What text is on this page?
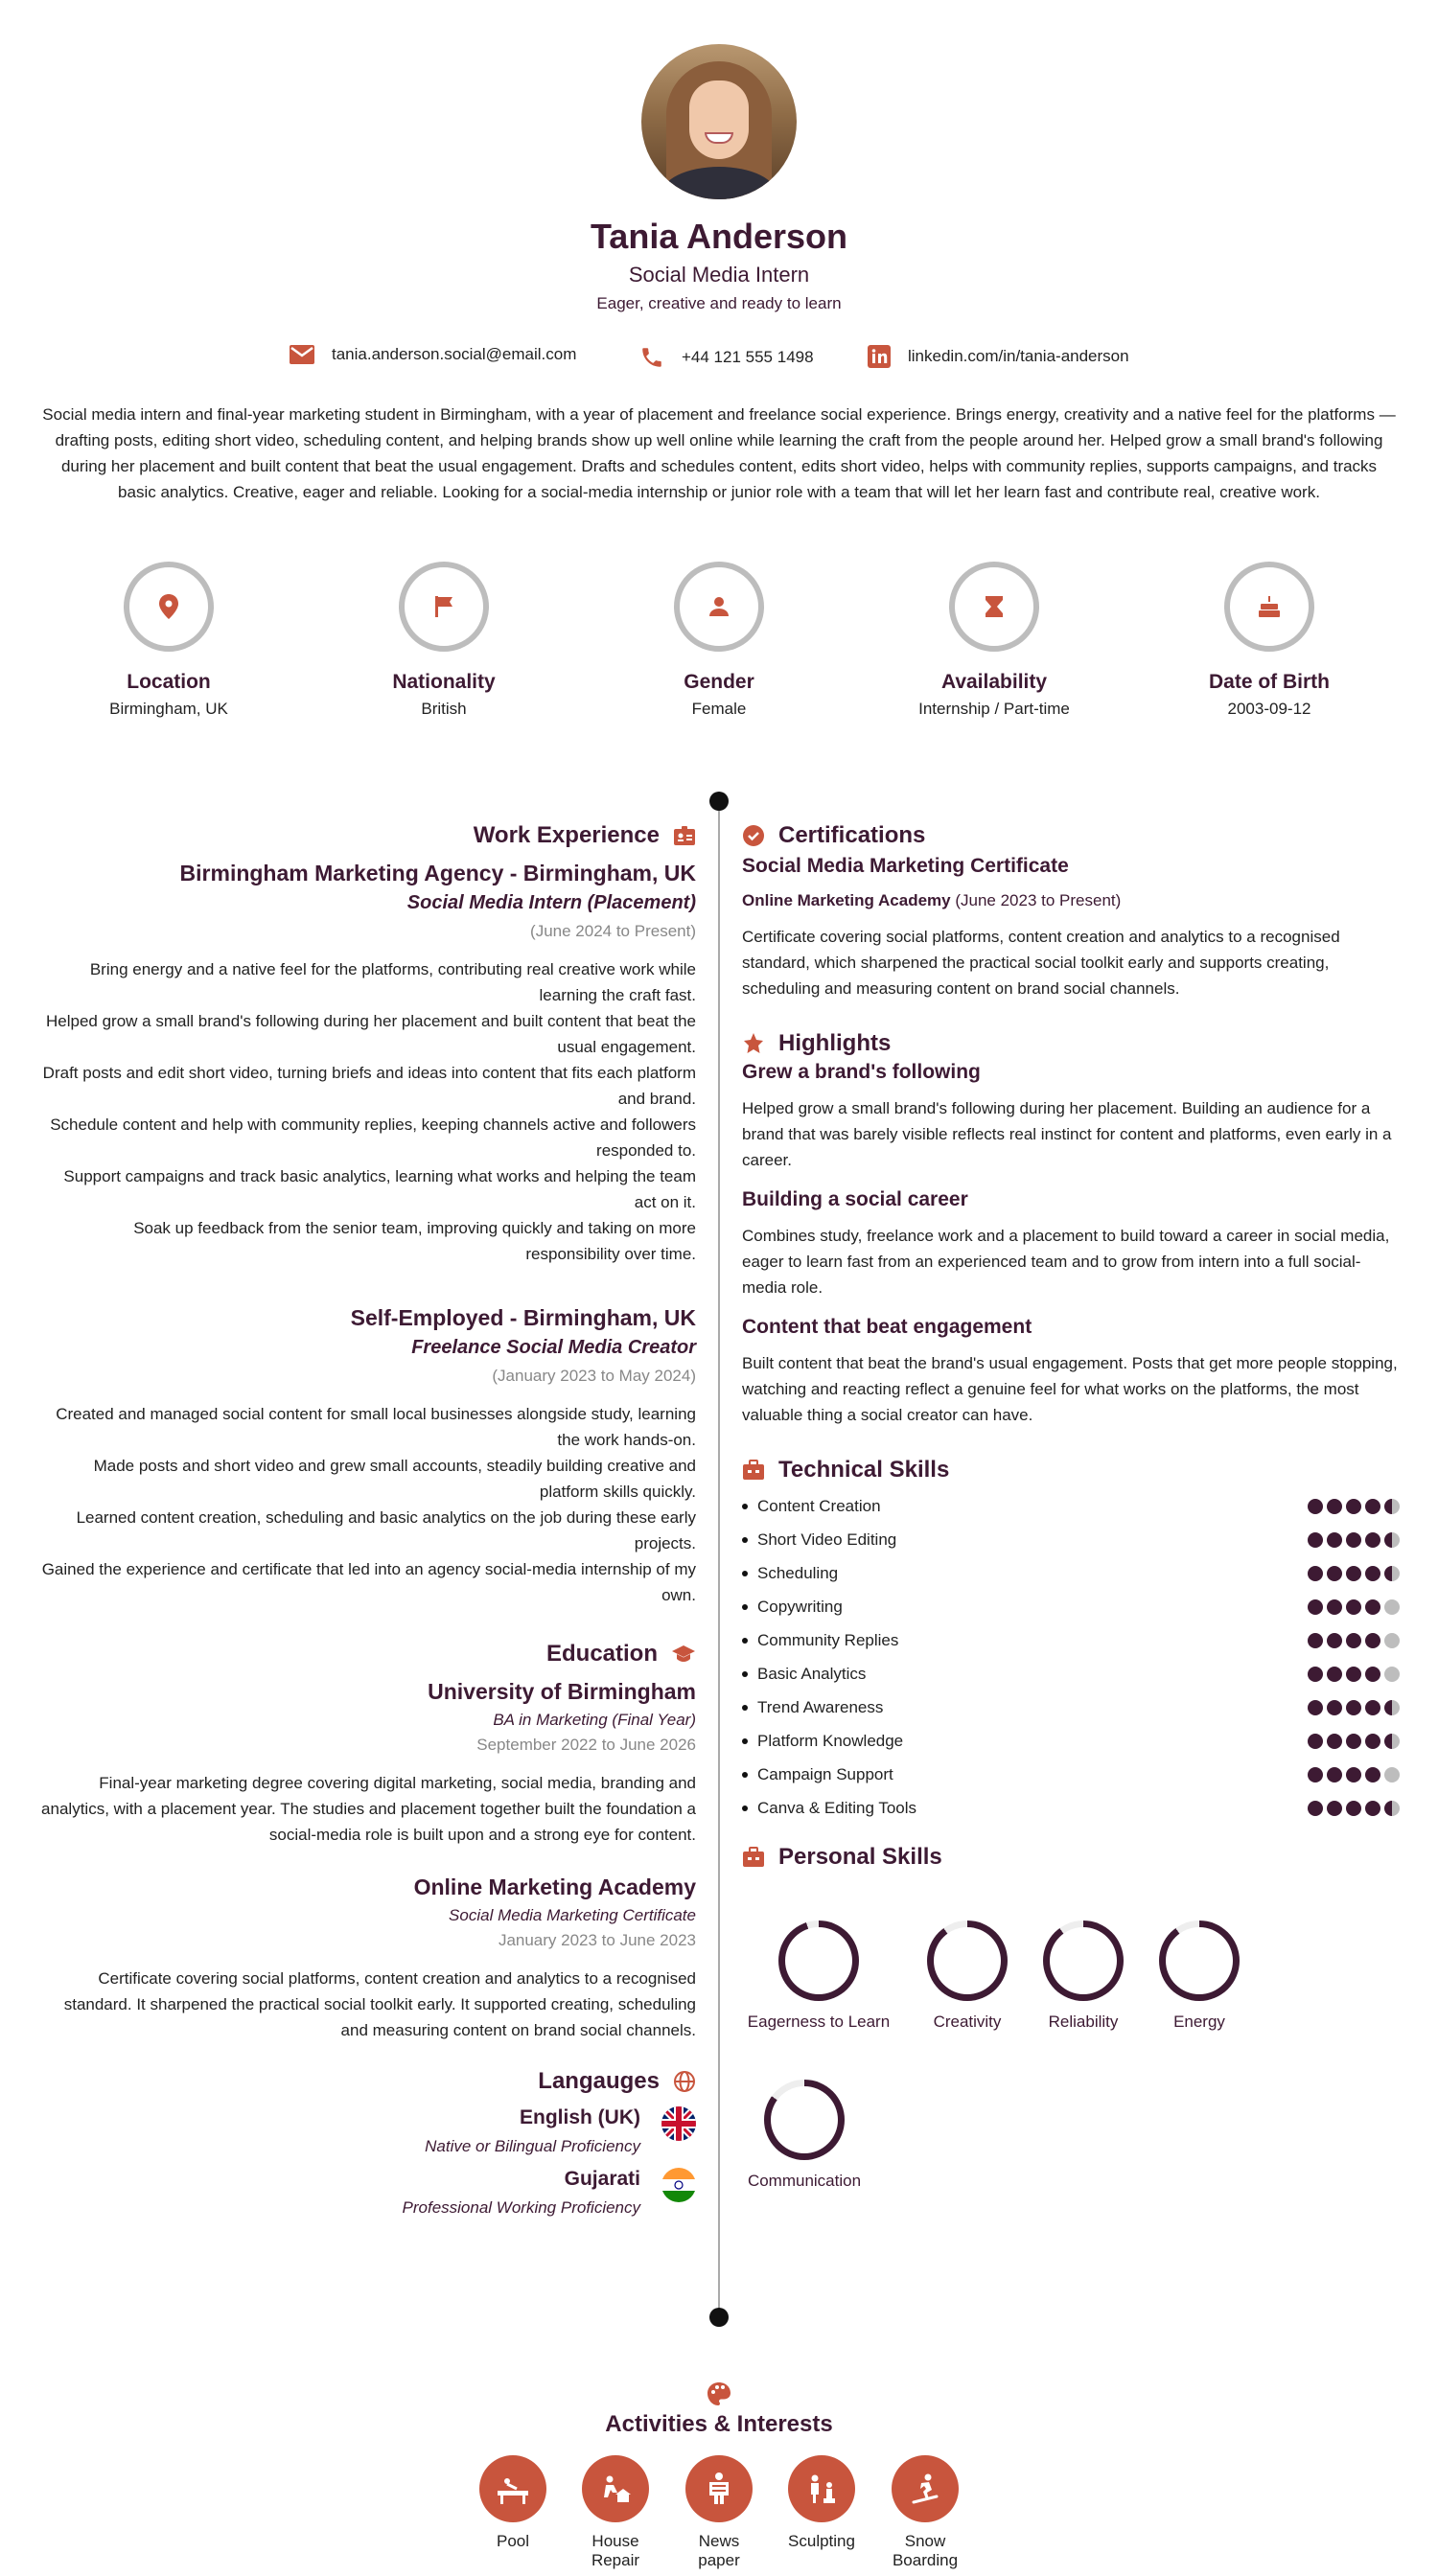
Tania Anderson
Social Media Intern
Eager, creative and ready to learn
tania.anderson.social@email.com	+44 121 555 1498	linkedin.com/in/tania-anderson
Social media intern and final-year marketing student in Birmingham, with a year of placement and freelance social experience. Brings energy, creativity and a native feel for the platforms — drafting posts, editing short video, scheduling content, and helping brands show up well online while learning the craft from the people around her. Helped grow a small brand's following during her placement and built content that beat the usual engagement. Drafts and schedules content, edits short video, helps with community replies, supports campaigns, and tracks basic analytics. Creative, eager and reliable. Looking for a social-media internship or junior role with a team that will let her learn fast and contribute real, creative work.
Location
Birmingham, UK
Nationality
British
Gender
Female
Availability
Internship / Part-time
Date of Birth
2003-09-12
Work Experience
Birmingham Marketing Agency - Birmingham, UK
Social Media Intern (Placement)
(June 2024 to Present)
Bring energy and a native feel for the platforms, contributing real creative work while learning the craft fast.
Helped grow a small brand's following during her placement and built content that beat the usual engagement.
Draft posts and edit short video, turning briefs and ideas into content that fits each platform and brand.
Schedule content and help with community replies, keeping channels active and followers responded to.
Support campaigns and track basic analytics, learning what works and helping the team act on it.
Soak up feedback from the senior team, improving quickly and taking on more responsibility over time.
Self-Employed - Birmingham, UK
Freelance Social Media Creator
(January 2023 to May 2024)
Created and managed social content for small local businesses alongside study, learning the work hands-on.
Made posts and short video and grew small accounts, steadily building creative and platform skills quickly.
Learned content creation, scheduling and basic analytics on the job during these early projects.
Gained the experience and certificate that led into an agency social-media internship of my own.
Education
University of Birmingham
BA in Marketing (Final Year)
September 2022 to June 2026
Final-year marketing degree covering digital marketing, social media, branding and analytics, with a placement year. The studies and placement together built the foundation a social-media role is built upon and a strong eye for content.
Online Marketing Academy
Social Media Marketing Certificate
January 2023 to June 2023
Certificate covering social platforms, content creation and analytics to a recognised standard. It sharpened the practical social toolkit early. It supported creating, scheduling and measuring content on brand social channels.
Langauges
English (UK)
Native or Bilingual Proficiency
Gujarati
Professional Working Proficiency
Certifications
Social Media Marketing Certificate
Online Marketing Academy (June 2023 to Present)
Certificate covering social platforms, content creation and analytics to a recognised standard, which sharpened the practical social toolkit early and supports creating, scheduling and measuring content on brand social channels.
Highlights
Grew a brand's following
Helped grow a small brand's following during her placement. Building an audience for a brand that was barely visible reflects real instinct for content and platforms, even early in a career.
Building a social career
Combines study, freelance work and a placement to build toward a career in social media, eager to learn fast from an experienced team and to grow from intern into a full social-media role.
Content that beat engagement
Built content that beat the brand's usual engagement. Posts that get more people stopping, watching and reacting reflect a genuine feel for what works on the platforms, the most valuable thing a social creator can have.
Technical Skills
Content Creation
Short Video Editing
Scheduling
Copywriting
Community Replies
Basic Analytics
Trend Awareness
Platform Knowledge
Campaign Support
Canva & Editing Tools
Personal Skills
Eagerness to Learn	Creativity	Reliability	Energy
Communication
Activities & Interests
Pool	House Repair
News paper
Sculpting	Snow Boarding
